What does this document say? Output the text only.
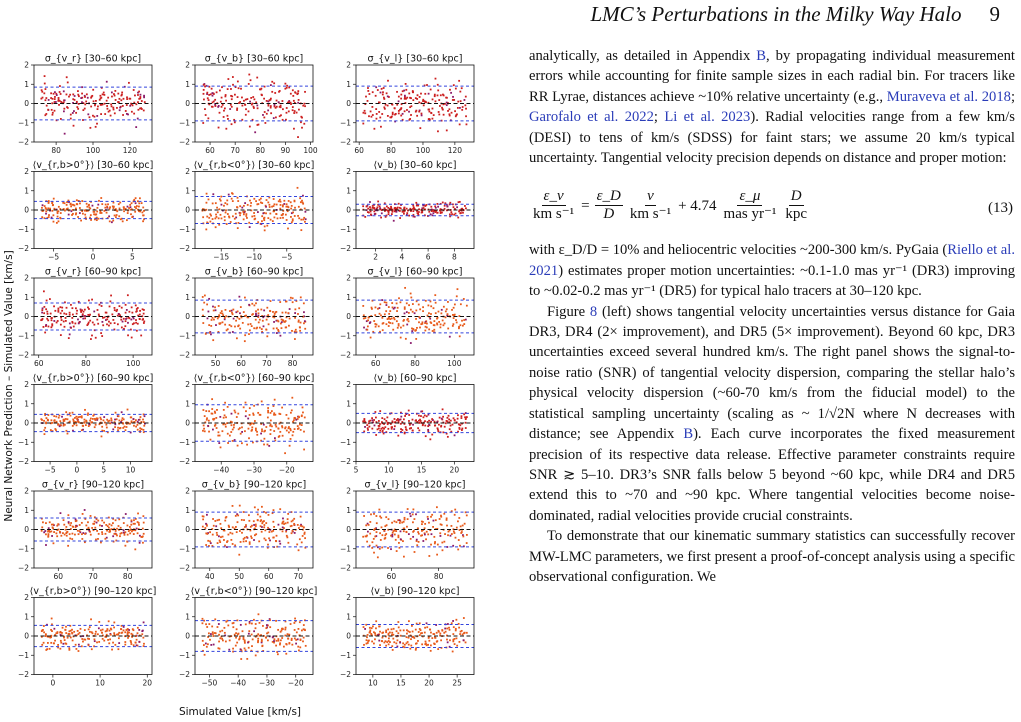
LMC’s Perturbations in the Milky Way Halo 9
σ_{v_r} [30–60 kpc]
2
1
0
−1
−2
80	100	120
σ_{v_b} [30–60 kpc]
2
1
0
−1
−2
60 70 80 90 100
σ_{v_l} [30–60 kpc]
2
1
0
−1
−2
60	80	100 120
⟨v_{r,b>0°}⟩ [30–60 kpc]
2
1
0
−1
−2
−5	0	5
⟨v_{r,b<0°}⟩ [30–60 kpc]
2
1
0
−1
−2
−15 −10	−5
⟨v_b⟩ [30–60 kpc]
2
1
0
−1
−2
2	4	6	8
σ_{v_r} [60–90 kpc]
2
1
0
−1
−2
60	80	100
σ_{v_b} [60–90 kpc]
2
1
0
−1
−2
50 60 70 80
σ_{v_l} [60–90 kpc]
2
1
0
−1
−2
60	80	100
⟨v_{r,b>0°}⟩ [60–90 kpc]
2
1
0
−1
−2
−5	0	5	10
⟨v_{r,b<0°}⟩ [60–90 kpc]
2
1
0
−1
−2
−40 −30 −20
⟨v_b⟩ [60–90 kpc]
2
1
0
−1
−2
5	10	15	20
σ_{v_r} [90–120 kpc]
2
1
0
−1
−2
60	70	80
σ_{v_b} [90–120 kpc]
2
1
0
−1
−2
40	50	60	70
σ_{v_l} [90–120 kpc]
2
1
0
−1
−2
60	80
⟨v_{r,b>0°}⟩ [90–120 kpc]
2
1
0
−1
−2
0	10	20
⟨v_{r,b<0°}⟩ [90–120 kpc]
2
1
0
−1
−2
−50 −40 −30 −20
⟨v_b⟩ [90–120 kpc]
2
1
0
−1
−2
10 15 20 25
Neural Network Prediction – Simulated Value [km/s]
Simulated Value [km/s]

analytically, as detailed in Appendix B, by propagating individual measurement errors while accounting for finite sample sizes in each radial bin. For tracers like RR Lyrae, distances achieve ~10% relative uncertainty (e.g., Muraveva et al. 2018; Garofalo et al. 2022; Li et al. 2023). Radial velocities range from a few km/s (DESI) to tens of km/s (SDSS) for faint stars; we assume 20 km/s typical uncertainty. Tangential velocity precision depends on distance and proper motion:

$\frac{\varepsilon\_v}{\text{km s⁻¹}} = \frac{\varepsilon\_D}{D} \frac{v}{\text{km s⁻¹}} + 4.74 \frac{\varepsilon\_\mu}{\text{mas yr⁻¹}} \frac{D}{\text{kpc}}$	(13)

with ε_D/D = 10% and heliocentric velocities ~200-300 km/s. PyGaia (Riello et al. 2021) estimates proper motion uncertainties: ~0.1-1.0 mas yr⁻¹ (DR3) improving to ~0.02-0.2 mas yr⁻¹ (DR5) for typical halo tracers at 30–120 kpc.

Figure 8 (left) shows tangential velocity uncertainties versus distance for Gaia DR3, DR4 (2× improvement), and DR5 (5× improvement). Beyond 60 kpc, DR3 uncertainties exceed several hundred km/s. The right panel shows the signal-to-noise ratio (SNR) of tangential velocity dispersion, comparing the stellar halo’s physical velocity dispersion (~60-70 km/s from the fiducial model) to the statistical sampling uncertainty (scaling as ~ 1/√2N where N decreases with distance; see Appendix B). Each curve incorporates the fixed measurement precision of its respective data release. Effective parameter constraints require SNR ≳ 5–10. DR3’s SNR falls below 5 beyond ~60 kpc, while DR4 and DR5 extend this to ~70 and ~90 kpc. Where tangential velocities become noise-dominated, radial velocities provide crucial constraints.

To demonstrate that our kinematic summary statistics can successfully recover MW-LMC parameters, we first present a proof-of-concept analysis using a specific observational configuration. We
